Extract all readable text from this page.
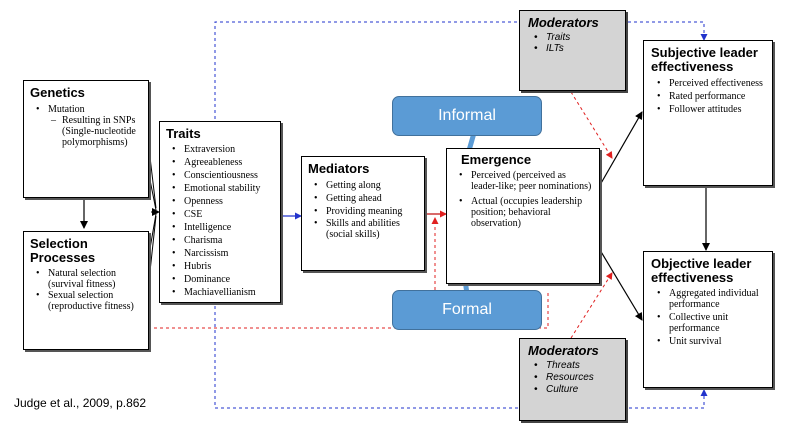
Genetics
• Mutation
– Resulting in SNPs (Single-nucleotide polymorphisms)
Selection Processes
• Natural selection (survival fitness)
• Sexual selection (reproductive fitness)
Traits
• Extraversion
• Agreeableness
• Conscientiousness
• Emotional stability
• Openness
• CSE
• Intelligence
• Charisma
• Narcissism
• Hubris
• Dominance
• Machiavellianism
Mediators
• Getting along
• Getting ahead
• Providing meaning
• Skills and abilities (social skills)
Emergence
• Perceived (perceived as leader-like; peer nominations)
• Actual (occupies leadership position; behavioral observation)
Moderators
• Traits
• ILTs
Moderators
• Threats
• Resources
• Culture
Subjective leader effectiveness
• Perceived effectiveness
• Rated performance
• Follower attitudes
Objective leader effectiveness
• Aggregated individual performance
• Collective unit performance
• Unit survival
Informal
Formal
Judge et al., 2009, p.862
